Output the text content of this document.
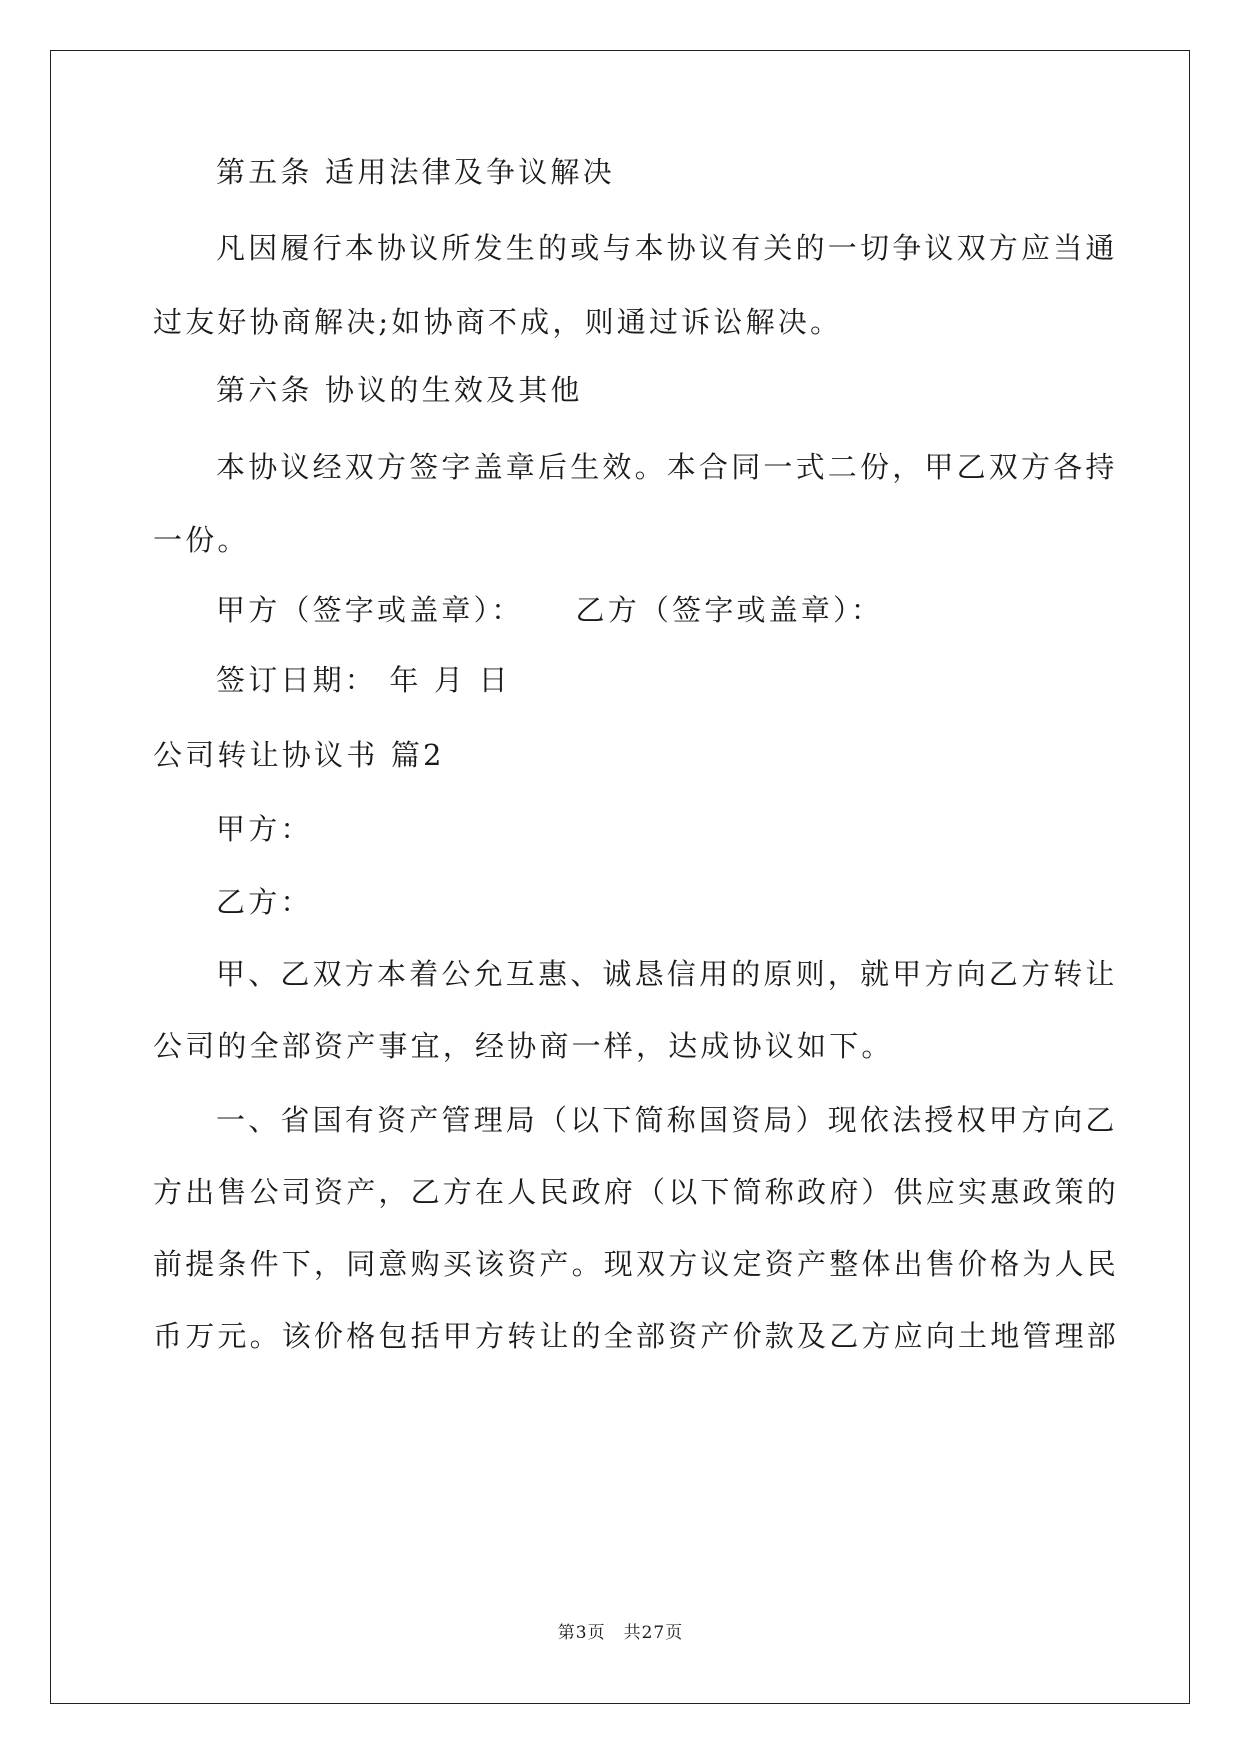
第五条 适用法律及争议解决
凡因履行本协议所发生的或与本协议有关的一切争议双方应当通
过友好协商解决;如协商不成，则通过诉讼解决。
第六条 协议的生效及其他
本协议经双方签字盖章后生效。本合同一式二份，甲乙双方各持
一份。
甲方（签字或盖章）： 乙方（签字或盖章）：
签订日期： 年 月 日
公司转让协议书 篇2
甲方：
乙方：
甲、乙双方本着公允互惠、诚恳信用的原则，就甲方向乙方转让
公司的全部资产事宜，经协商一样，达成协议如下。
一、省国有资产管理局（以下简称国资局）现依法授权甲方向乙
方出售公司资产，乙方在人民政府（以下简称政府）供应实惠政策的
前提条件下，同意购买该资产。现双方议定资产整体出售价格为人民
币万元。该价格包括甲方转让的全部资产价款及乙方应向土地管理部
第3页 共27页
